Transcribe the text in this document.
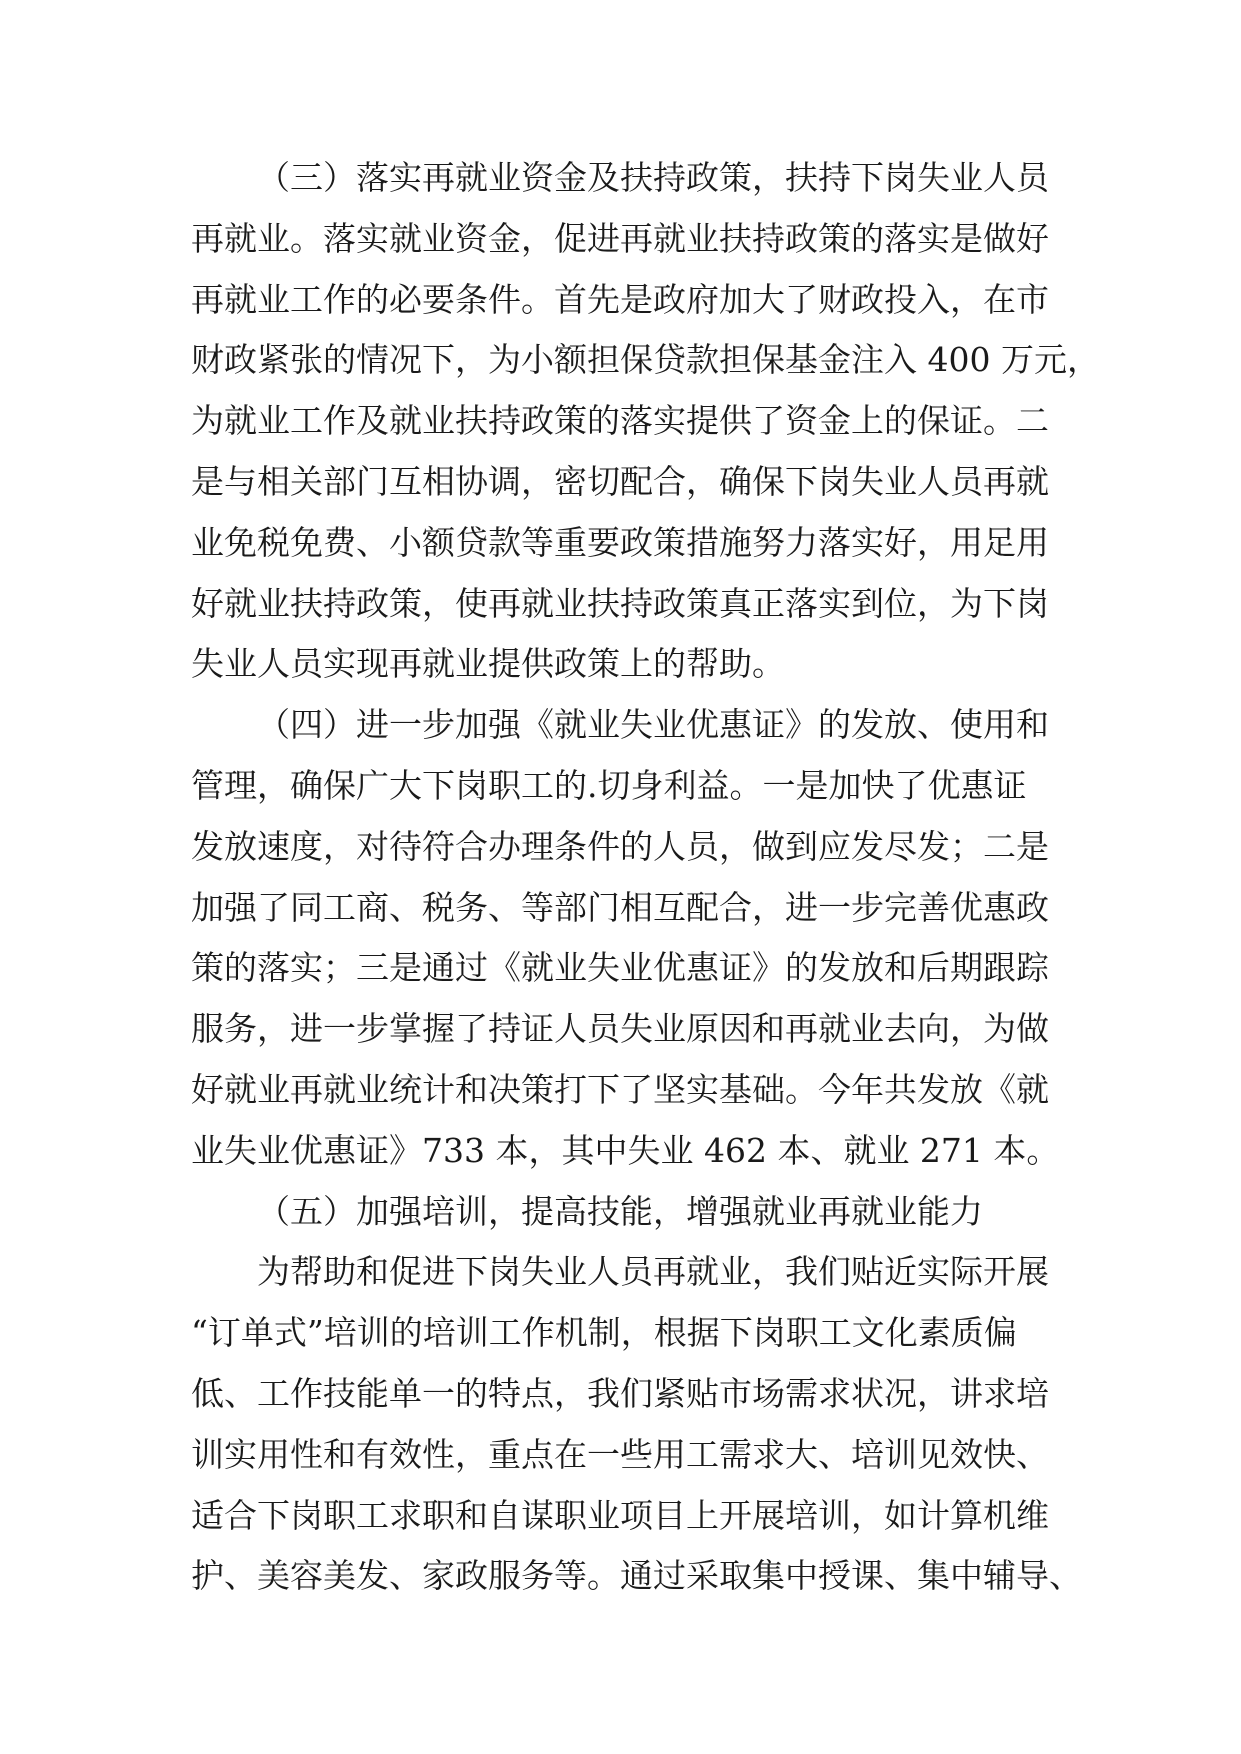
（三）落实再就业资金及扶持政策，扶持下岗失业人员
再就业。落实就业资金，促进再就业扶持政策的落实是做好
再就业工作的必要条件。首先是政府加大了财政投入，在市
财政紧张的情况下，为小额担保贷款担保基金注入 400 万元，
为就业工作及就业扶持政策的落实提供了资金上的保证。二
是与相关部门互相协调，密切配合，确保下岗失业人员再就
业免税免费、小额贷款等重要政策措施努力落实好，用足用
好就业扶持政策，使再就业扶持政策真正落实到位，为下岗
失业人员实现再就业提供政策上的帮助。
（四）进一步加强《就业失业优惠证》的发放、使用和
管理，确保广大下岗职工的.切身利益。一是加快了优惠证
发放速度，对待符合办理条件的人员，做到应发尽发；二是
加强了同工商、税务、等部门相互配合，进一步完善优惠政
策的落实；三是通过《就业失业优惠证》的发放和后期跟踪
服务，进一步掌握了持证人员失业原因和再就业去向，为做
好就业再就业统计和决策打下了坚实基础。今年共发放《就
业失业优惠证》733 本，其中失业 462 本、就业 271 本。
（五）加强培训，提高技能，增强就业再就业能力
为帮助和促进下岗失业人员再就业，我们贴近实际开展
“订单式”培训的培训工作机制，根据下岗职工文化素质偏
低、工作技能单一的特点，我们紧贴市场需求状况，讲求培
训实用性和有效性，重点在一些用工需求大、培训见效快、
适合下岗职工求职和自谋职业项目上开展培训，如计算机维
护、美容美发、家政服务等。通过采取集中授课、集中辅导、
